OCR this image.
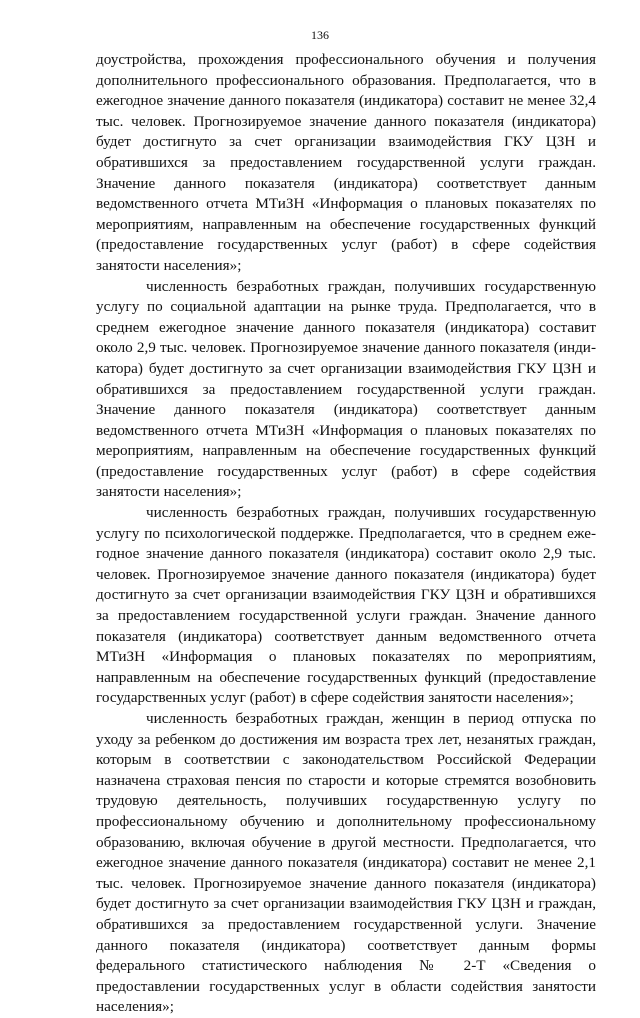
136

доустройства, прохождения профессионального обучения и получения дополнительного профессионального образования. Предполагается, что в ежегодное значение данного показателя (индикатора) составит не менее 32,4 тыс. человек. Прогнозируемое значение данного показателя (индикатора) будет достигнуто за счет организации взаимодействия ГКУ ЦЗН и обратившихся за предоставлением государственной услуги граждан. Значение данного показателя (индикатора) соответствует данным ведомственного отчета МТиЗН «Информация о плановых показателях по мероприятиям, направленным на обеспечение государственных функций (предоставление государственных услуг (работ) в сфере содействия занятости населения»;

численность безработных граждан, получивших государственную услугу по социальной адаптации на рынке труда. Предполагается, что в среднем ежегодное значение данного показателя (индикатора) составит около 2,9 тыс. человек. Прогнозируемое значение данного показателя (индикатора) будет достигнуто за счет организации взаимодействия ГКУ ЦЗН и обратившихся за предоставлением государственной услуги граждан. Значение данного показателя (индикатора) соответствует данным ведомственного отчета МТиЗН «Информация о плановых показателях по мероприятиям, направленным на обеспечение государственных функций (предоставление государственных услуг (работ) в сфере содействия занятости населения»;

численность безработных граждан, получивших государственную услугу по психологической поддержке. Предполагается, что в среднем ежегодное значение данного показателя (индикатора) составит около 2,9 тыс. человек. Прогнозируемое значение данного показателя (индикатора) будет достигнуто за счет организации взаимодействия ГКУ ЦЗН и обратившихся за предоставлением государственной услуги граждан. Значение данного показателя (индикатора) соответствует данным ведомственного отчета МТиЗН «Информация о плановых показателях по мероприятиям, направленным на обеспечение государственных функций (предоставление государственных услуг (работ) в сфере содействия занятости населения»;

численность безработных граждан, женщин в период отпуска по уходу за ребенком до достижения им возраста трех лет, незанятых граждан, которым в соответствии с законодательством Российской Федерации назначена страховая пенсия по старости и которые стремятся возобновить трудовую деятельность, получивших государственную услугу по профессиональному обучению и дополнительному профессиональному образованию, включая обучение в другой местности. Предполагается, что ежегодное значение данного показателя (индикатора) составит не менее 2,1 тыс. человек. Прогнозируемое значение данного показателя (индикатора) будет достигнуто за счет организации взаимодействия ГКУ ЦЗН и граждан, обратившихся за предоставлением государственной услуги. Значение данного показателя (индикатора) соответствует данным формы федерального статистического наблюдения № 2-Т «Сведения о предоставлении государственных услуг в области содействия занятости населения»;
